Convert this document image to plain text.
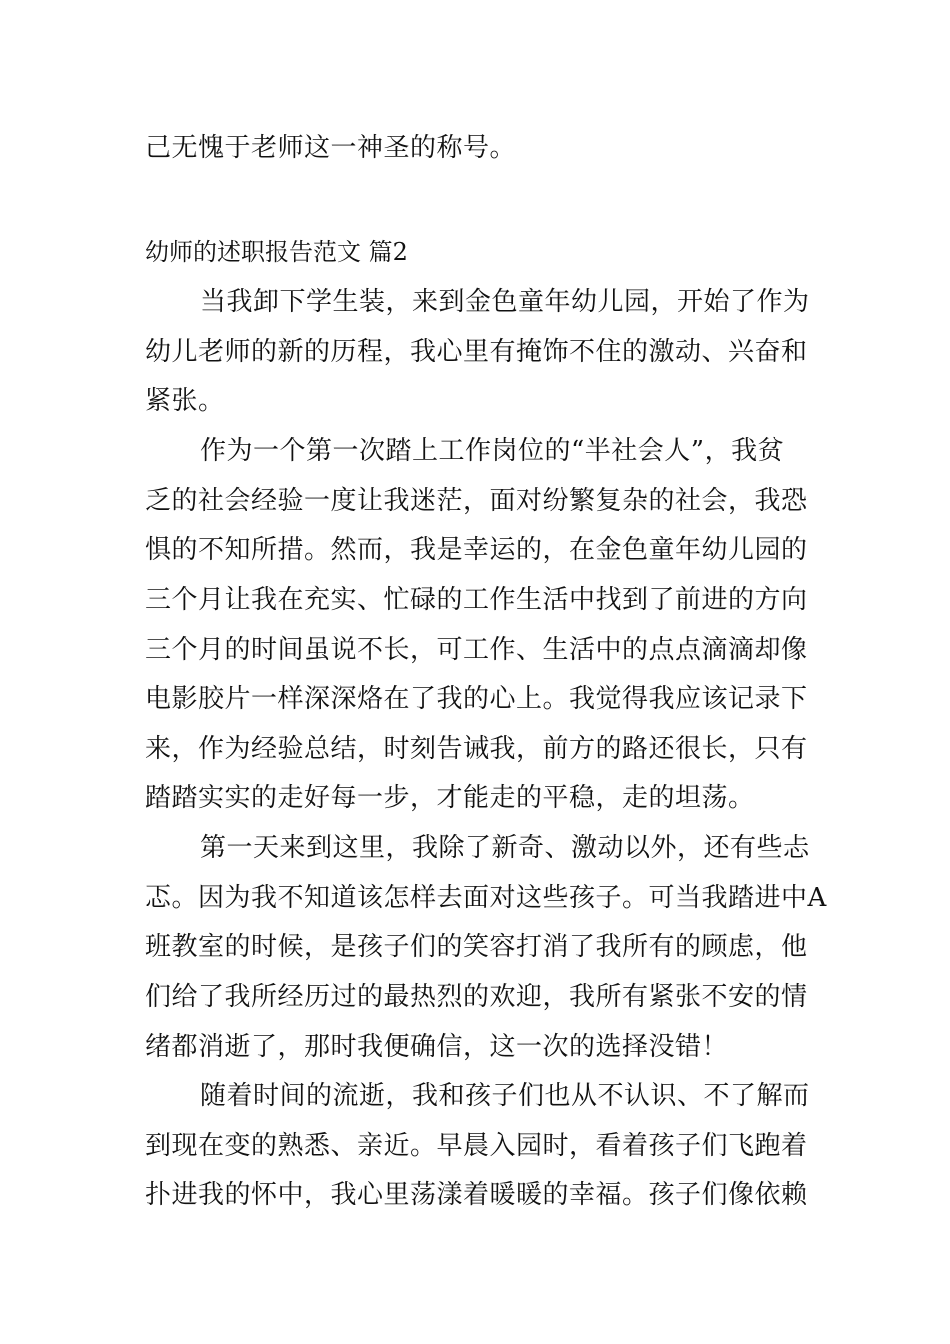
己无愧于老师这一神圣的称号。
幼师的述职报告范文 篇2
当我卸下学生装，来到金色童年幼儿园，开始了作为
幼儿老师的新的历程，我心里有掩饰不住的激动、兴奋和
紧张。
作为一个第一次踏上工作岗位的“半社会人”，我贫
乏的社会经验一度让我迷茫，面对纷繁复杂的社会，我恐
惧的不知所措。然而，我是幸运的，在金色童年幼儿园的
三个月让我在充实、忙碌的工作生活中找到了前进的方向
三个月的时间虽说不长，可工作、生活中的点点滴滴却像
电影胶片一样深深烙在了我的心上。我觉得我应该记录下
来，作为经验总结，时刻告诫我，前方的路还很长，只有
踏踏实实的走好每一步，才能走的平稳，走的坦荡。
第一天来到这里，我除了新奇、激动以外，还有些忐
忑。因为我不知道该怎样去面对这些孩子。可当我踏进中A
班教室的时候，是孩子们的笑容打消了我所有的顾虑，他
们给了我所经历过的最热烈的欢迎，我所有紧张不安的情
绪都消逝了，那时我便确信，这一次的选择没错！
随着时间的流逝，我和孩子们也从不认识、不了解而
到现在变的熟悉、亲近。早晨入园时，看着孩子们飞跑着
扑进我的怀中，我心里荡漾着暖暖的幸福。孩子们像依赖
